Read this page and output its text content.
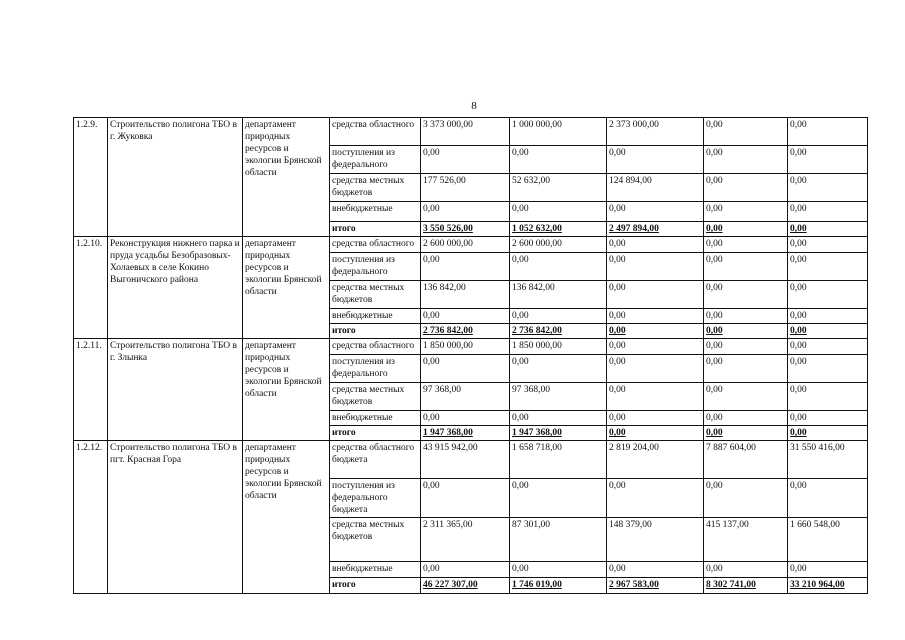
8
1.2.9.	Строительство полигона ТБО в г. Жуковка	департамент природных ресурсов и экологии Брянской области	средства областного	3 373 000,00	1 000 000,00	2 373 000,00	0,00	0,00
			поступления из федерального	0,00	0,00	0,00	0,00	0,00
			средства местных бюджетов	177 526,00	52 632,00	124 894,00	0,00	0,00
			внебюджетные	0,00	0,00	0,00	0,00	0,00
			итого	3 550 526,00	1 052 632,00	2 497 894,00	0,00	0,00
1.2.10.	Реконструкция нижнего парка и пруда усадьбы Безобразовых-Холаевых в селе Кокино Выгоничского района	департамент природных ресурсов и экологии Брянской области	средства областного	2 600 000,00	2 600 000,00	0,00	0,00	0,00
			поступления из федерального	0,00	0,00	0,00	0,00	0,00
			средства местных бюджетов	136 842,00	136 842,00	0,00	0,00	0,00
			внебюджетные	0,00	0,00	0,00	0,00	0,00
			итого	2 736 842,00	2 736 842,00	0,00	0,00	0,00
1.2.11.	Строительство полигона ТБО в г. Злынка	департамент природных ресурсов и экологии Брянской области	средства областного	1 850 000,00	1 850 000,00	0,00	0,00	0,00
			поступления из федерального	0,00	0,00	0,00	0,00	0,00
			средства местных бюджетов	97 368,00	97 368,00	0,00	0,00	0,00
			внебюджетные	0,00	0,00	0,00	0,00	0,00
			итого	1 947 368,00	1 947 368,00	0,00	0,00	0,00
1.2.12.	Строительство полигона ТБО в пгт. Красная Гора	департамент природных ресурсов и экологии Брянской области	средства областного бюджета	43 915 942,00	1 658 718,00	2 819 204,00	7 887 604,00	31 550 416,00
			поступления из федерального бюджета	0,00	0,00	0,00	0,00	0,00
			средства местных бюджетов	2 311 365,00	87 301,00	148 379,00	415 137,00	1 660 548,00
			внебюджетные	0,00	0,00	0,00	0,00	0,00
			итого	46 227 307,00	1 746 019,00	2 967 583,00	8 302 741,00	33 210 964,00
